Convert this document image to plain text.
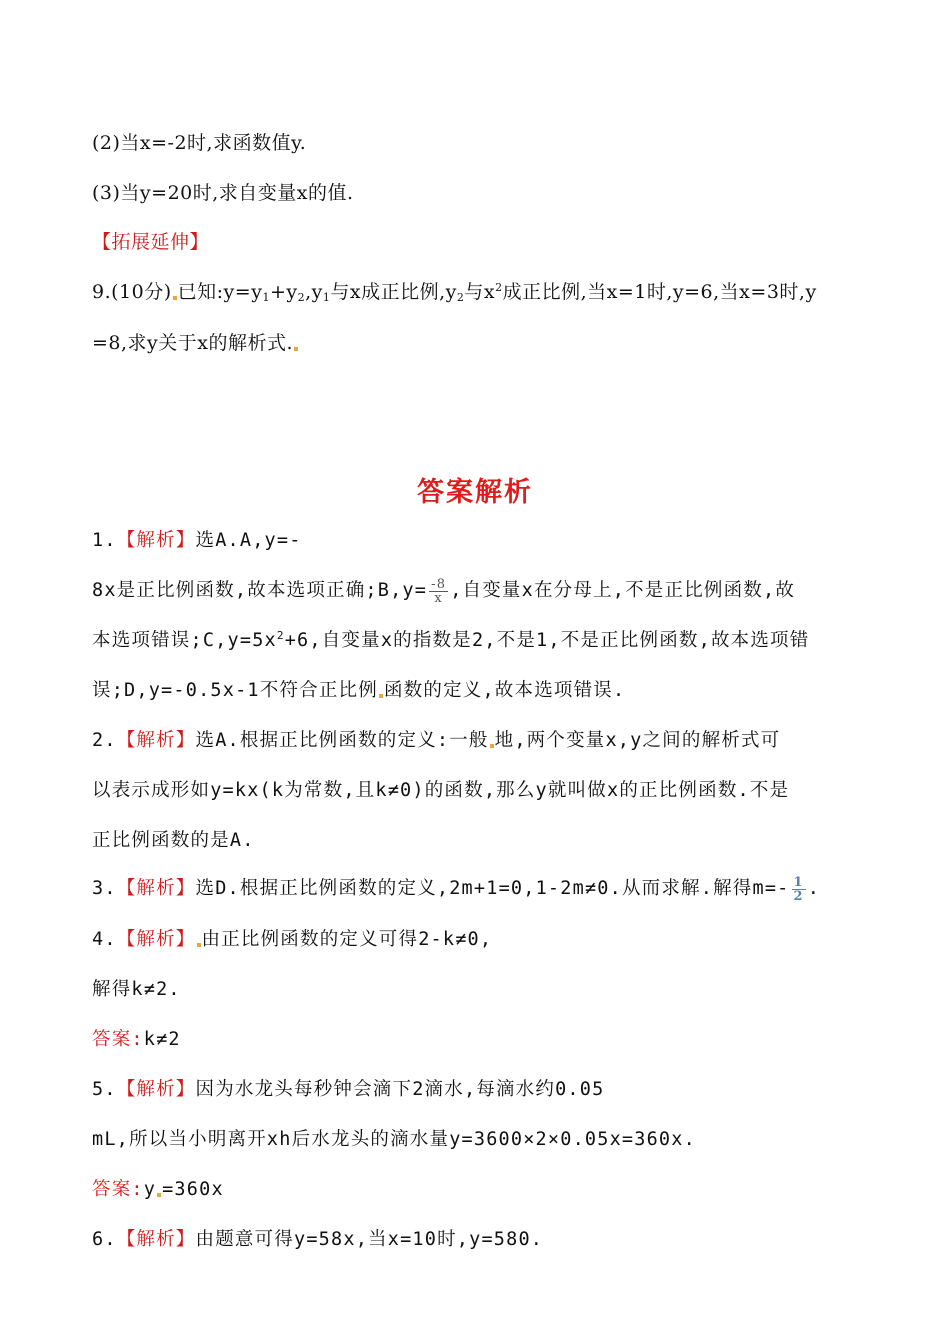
(2)当x=-2时,求函数值y.
(3)当y=20时,求自变量x的值.
【拓展延伸】
9.(10分) 已知$:y=y_1+y_2,y_1$与x成正比例$,y_2$与$x^2$成正比例,当x=1时,y=6,当x=3时,y
=8,求y关于x的解析式.
答案解析
1.【解析】选A.A,y=-
8x是正比例函数,故本选项正确;B,y= $\frac{-8}{x}$ ,自变量x在分母上,不是正比例函数,故
本选项错误$;C,y=5x^2+6$,自变量x的指数是2,不是1,不是正比例函数,故本选项错
误;D,y=-0.5x-1不符合正比例 函数的定义,故本选项错误.
2.【解析】选A.根据正比例函数的定义:一般 地,两个变量x,y之间的解析式可
以表示成形如y=kx(k为常数,且k≠0)的函数,那么y就叫做x的正比例函数.不是
正比例函数的是A.
3.【解析】选D.根据正比例函数的定义,2m+1=0,1-2m≠0.从而求解.解得$m=- \frac{1}{2}$ .
4.【解析】 由正比例函数的定义可得2-k≠0,
解得k≠2.
答案:k≠2
5.【解析】因为水龙头每秒钟会滴下2滴水,每滴水约0.05
mL,所以当小明离开xh后水龙头的滴水量y=3600×2×0.05x=360x.
答案:y =360x
6.【解析】由题意可得y=58x,当x=10时,y=580.
